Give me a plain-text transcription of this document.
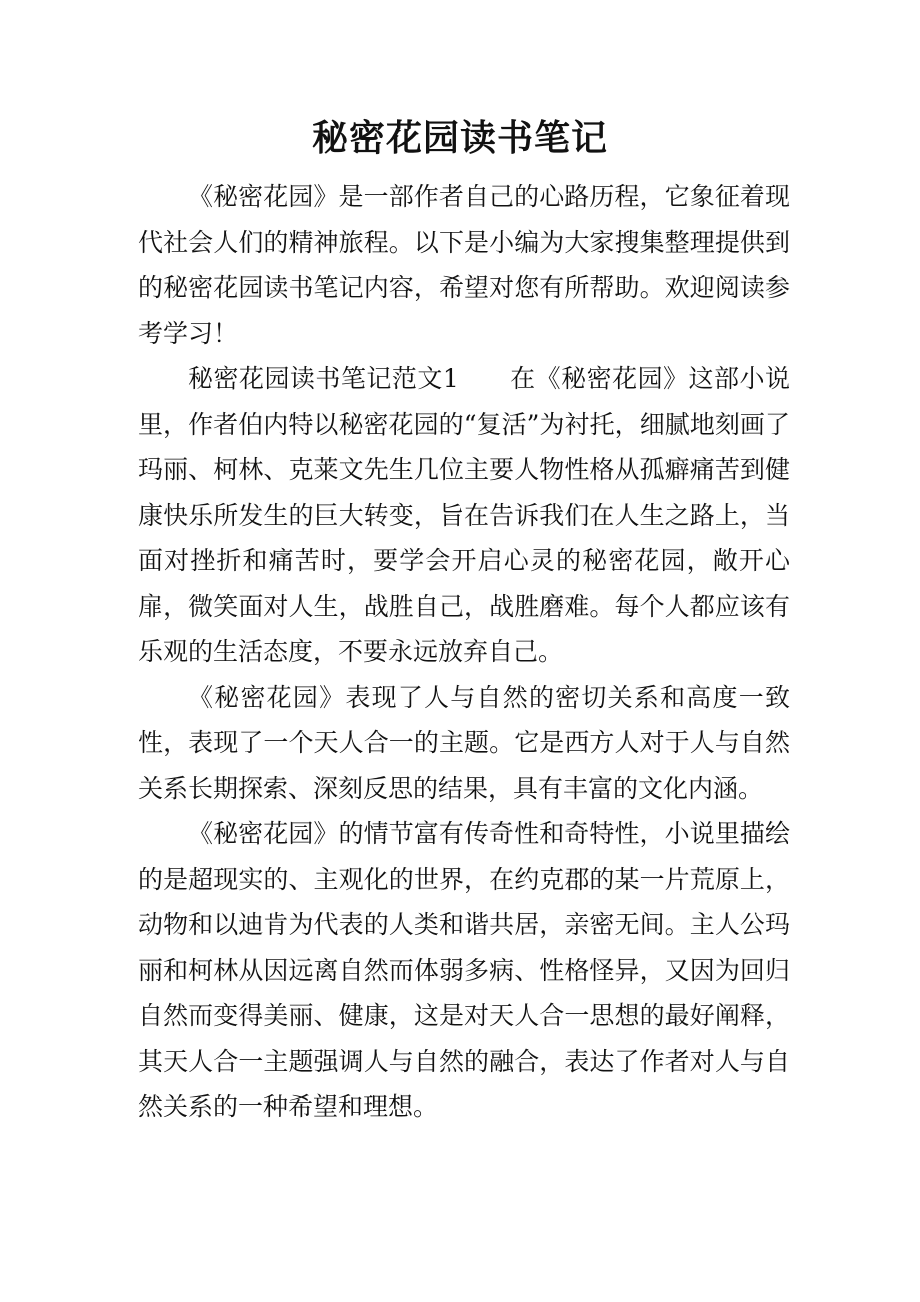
秘密花园读书笔记

《秘密花园》是一部作者自己的心路历程，它象征着现代社会人们的精神旅程。以下是小编为大家搜集整理提供到的秘密花园读书笔记内容，希望对您有所帮助。欢迎阅读参考学习！

秘密花园读书笔记范文1　　在《秘密花园》这部小说里，作者伯内特以秘密花园的“复活”为衬托，细腻地刻画了玛丽、柯林、克莱文先生几位主要人物性格从孤癖痛苦到健康快乐所发生的巨大转变，旨在告诉我们在人生之路上，当面对挫折和痛苦时，要学会开启心灵的秘密花园，敞开心扉，微笑面对人生，战胜自己，战胜磨难。每个人都应该有乐观的生活态度，不要永远放弃自己。

《秘密花园》表现了人与自然的密切关系和高度一致性，表现了一个天人合一的主题。它是西方人对于人与自然关系长期探索、深刻反思的结果，具有丰富的文化内涵。

《秘密花园》的情节富有传奇性和奇特性，小说里描绘的是超现实的、主观化的世界，在约克郡的某一片荒原上，动物和以迪肯为代表的人类和谐共居，亲密无间。主人公玛丽和柯林从因远离自然而体弱多病、性格怪异，又因为回归自然而变得美丽、健康，这是对天人合一思想的最好阐释，其天人合一主题强调人与自然的融合，表达了作者对人与自然关系的一种希望和理想。
